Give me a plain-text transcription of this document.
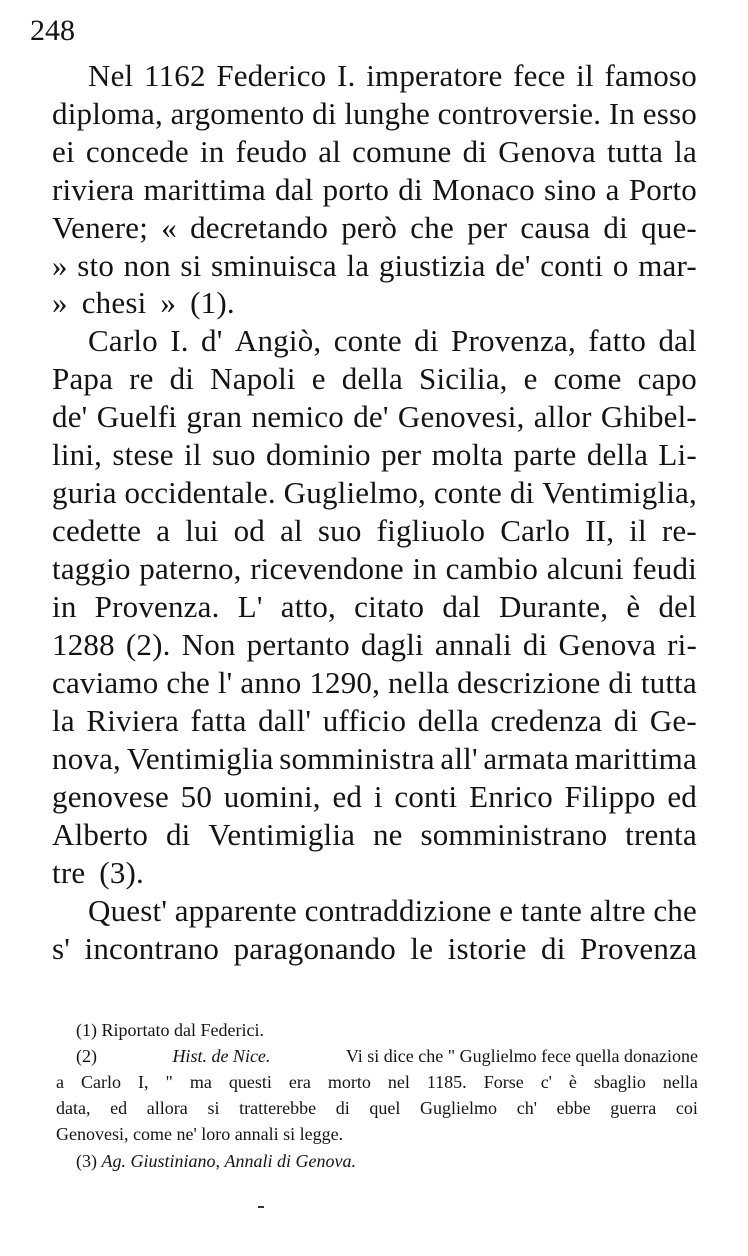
248
Nel 1162 Federico I. imperatore fece il famoso
diploma, argomento di lunghe controversie. In esso
ei concede in feudo al comune di Genova tutta la
riviera marittima dal porto di Monaco sino a Porto
Venere; « decretando però che per causa di que-
» sto non si sminuisca la giustizia de' conti o mar-
» chesi » (1).
Carlo I. d' Angiò, conte di Provenza, fatto dal
Papa re di Napoli e della Sicilia, e come capo
de' Guelfi gran nemico de' Genovesi, allor Ghibel-
lini, stese il suo dominio per molta parte della Li-
guria occidentale. Guglielmo, conte di Ventimiglia,
cedette a lui od al suo figliuolo Carlo II, il re-
taggio paterno, ricevendone in cambio alcuni feudi
in Provenza. L' atto, citato dal Durante, è del
1288 (2). Non pertanto dagli annali di Genova ri-
caviamo che l' anno 1290, nella descrizione di tutta
la Riviera fatta dall' ufficio della credenza di Ge-
nova, Ventimiglia somministra all' armata marittima
genovese 50 uomini, ed i conti Enrico Filippo ed
Alberto di Ventimiglia ne somministrano trenta
tre (3).
Quest' apparente contraddizione e tante altre che
s' incontrano paragonando le istorie di Provenza
(1) Riportato dal Federici.
(2)	Hist. de Nice.	Vi si dice che " Guglielmo fece quella donazione
a Carlo I, " ma questi era morto nel 1185. Forse c' è sbaglio nella
data, ed allora si tratterebbe di quel Guglielmo ch' ebbe guerra coi
Genovesi, come ne' loro annali si legge.
(3) Ag. Giustiniano, Annali di Genova.
